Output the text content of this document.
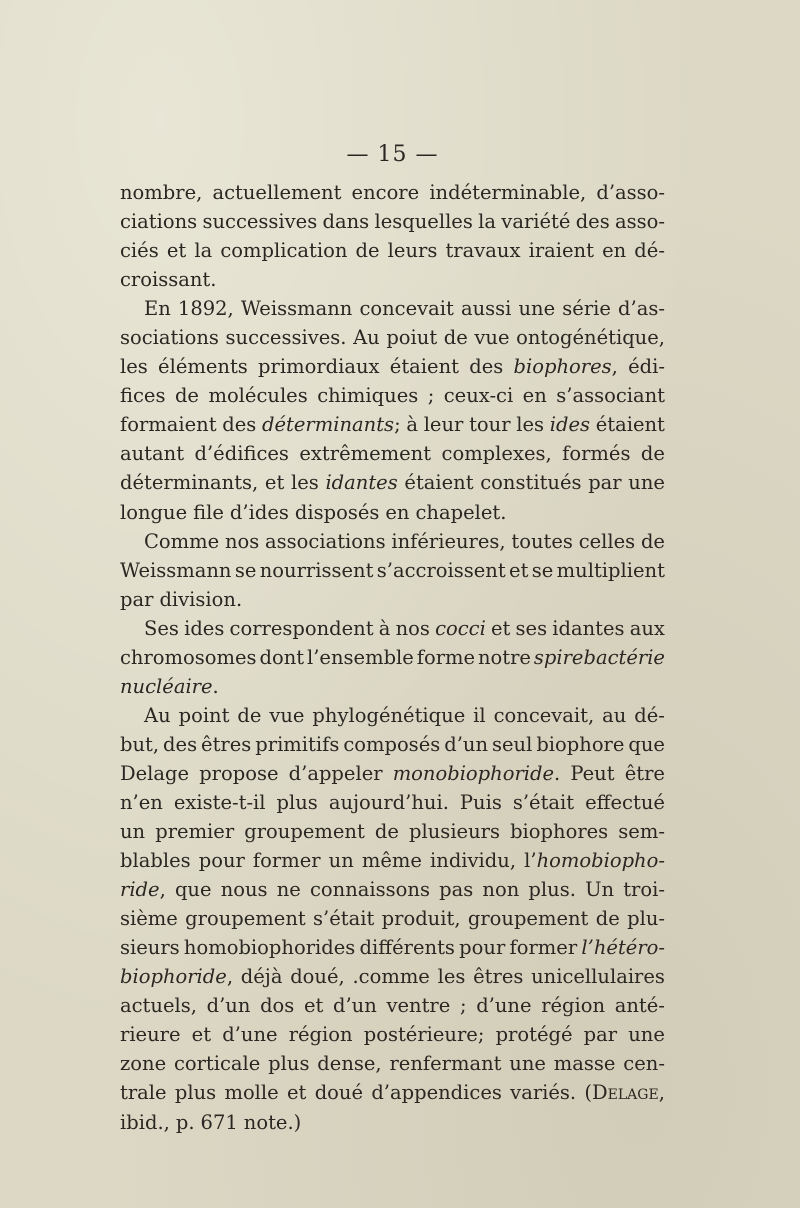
— 15 —
nombre, actuellement encore indéterminable, d’asso-
ciations successives dans lesquelles la variété des asso-
ciés et la complication de leurs travaux iraient en dé-
croissant.
En 1892, Weissmann concevait aussi une série d’as-
sociations successives. Au poiut de vue ontogénétique,
les éléments primordiaux étaient des biophores, édi-
fices de molécules chimiques ; ceux-ci en s’associant
formaient des déterminants; à leur tour les ides étaient
autant d’édifices extrêmement complexes, formés de
déterminants, et les idantes étaient constitués par une
longue file d’ides disposés en chapelet.
Comme nos associations inférieures, toutes celles de
Weissmann se nourrissent s’accroissent et se multiplient
par division.
Ses ides correspondent à nos cocci et ses idantes aux
chromosomes dont l’ensemble forme notre spirebactérie
nucléaire.
Au point de vue phylogénétique il concevait, au dé-
but, des êtres primitifs composés d’un seul biophore que
Delage propose d’appeler monobiophoride. Peut être
n’en existe-t-il plus aujourd’hui. Puis s’était effectué
un premier groupement de plusieurs biophores sem-
blables pour former un même individu, l’homobiopho-
ride, que nous ne connaissons pas non plus. Un troi-
sième groupement s’était produit, groupement de plu-
sieurs homobiophorides différents pour former l’hétéro-
biophoride, déjà doué, .comme les êtres unicellulaires
actuels, d’un dos et d’un ventre ; d’une région anté-
rieure et d’une région postérieure; protégé par une
zone corticale plus dense, renfermant une masse cen-
trale plus molle et doué d’appendices variés. (Delage,
ibid., p. 671 note.)
